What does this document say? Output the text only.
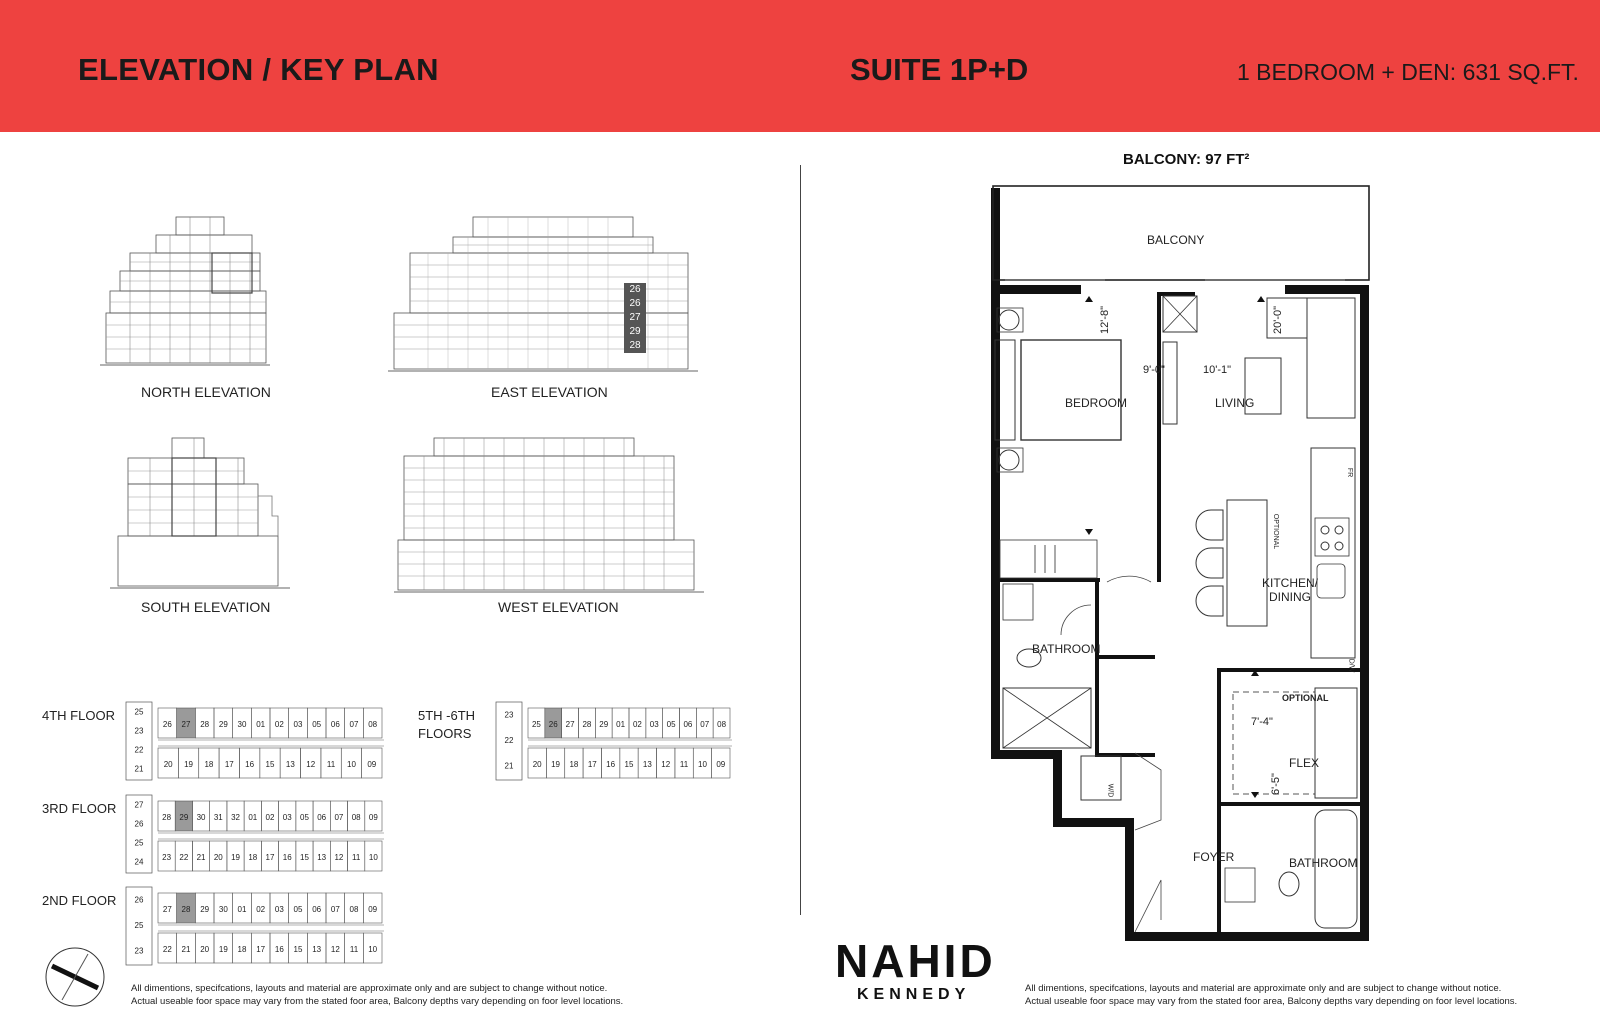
ELEVATION / KEY PLAN	SUITE 1P+D	1 BEDROOM + DEN: 631 SQ.FT.
NORTH ELEVATION
26
26
27
29
28
EAST ELEVATION
SOUTH ELEVATION	WEST ELEVATION
4TH FLOOR	5TH -6TH
FLOORS
3RD FLOOR
2ND FLOOR
25
23
22
21
26 27 28 29 30 01 02 03 05 06 07 08
20 19 18 17 16 15 13 12 11 10 09
23
22
21
25 26 27 28 29 01 02 03 05 06 07 08
20 19 18 17 16 15 13 12 11 10 09
27
26
25
24
28 29 30 31 32 01 02 03 05 06 07 08 09
23 22 21 20 19 18 17 16 15 13 12 11 10
26
25
23
27 28 29 30 01 02 03 05 06 07 08 09
22 21 20 19 18 17 16 15 13 12 11 10
All dimentions, specifcations, layouts and material are approximate only and are subject to change without notice.
Actual useable foor space may vary from the stated foor area, Balcony depths vary depending on foor level locations.
All dimentions, specifcations, layouts and material are approximate only and are subject to change without notice.
Actual useable foor space may vary from the stated foor area, Balcony depths vary depending on foor level locations.
NAHID
KENNEDY
BALCONY: 97 FT²
BALCONY
BEDROOM	LIVING
KITCHEN/
DINING
BATHROOM
BATHROOM
FLEX
OPTIONAL
FOYER
W/D
FR
D/W
OPTIONAL
12'-8"
9'-0"	10'-1"
20'-0"
7'-4"
6'-5"
